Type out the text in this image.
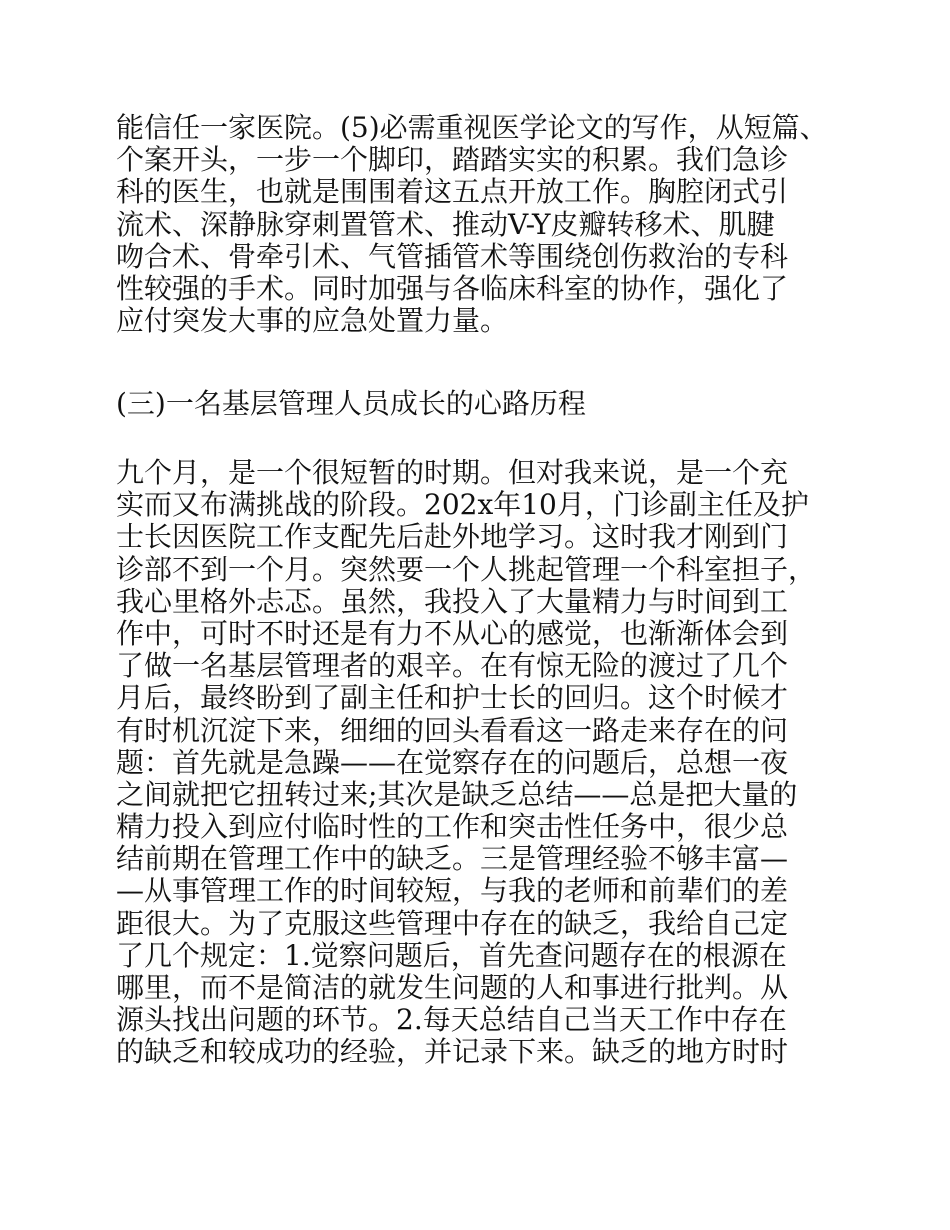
能信任一家医院。(5)必需重视医学论文的写作，从短篇、
个案开头，一步一个脚印，踏踏实实的积累。我们急诊
科的医生，也就是围围着这五点开放工作。胸腔闭式引
流术、深静脉穿刺置管术、推动V-Y皮瓣转移术、肌腱
吻合术、骨牵引术、气管插管术等围绕创伤救治的专科
性较强的手术。同时加强与各临床科室的协作，强化了
应付突发大事的应急处置力量。
(三)一名基层管理人员成长的心路历程
九个月，是一个很短暂的时期。但对我来说，是一个充
实而又布满挑战的阶段。202x年10月，门诊副主任及护
士长因医院工作支配先后赴外地学习。这时我才刚到门
诊部不到一个月。突然要一个人挑起管理一个科室担子，
我心里格外忐忑。虽然，我投入了大量精力与时间到工
作中，可时不时还是有力不从心的感觉，也渐渐体会到
了做一名基层管理者的艰辛。在有惊无险的渡过了几个
月后，最终盼到了副主任和护士长的回归。这个时候才
有时机沉淀下来，细细的回头看看这一路走来存在的问
题：首先就是急躁——在觉察存在的问题后，总想一夜
之间就把它扭转过来;其次是缺乏总结——总是把大量的
精力投入到应付临时性的工作和突击性任务中，很少总
结前期在管理工作中的缺乏。三是管理经验不够丰富—
—从事管理工作的时间较短，与我的老师和前辈们的差
距很大。为了克服这些管理中存在的缺乏，我给自己定
了几个规定：1.觉察问题后，首先查问题存在的根源在
哪里，而不是简洁的就发生问题的人和事进行批判。从
源头找出问题的环节。2.每天总结自己当天工作中存在
的缺乏和较成功的经验，并记录下来。缺乏的地方时时
